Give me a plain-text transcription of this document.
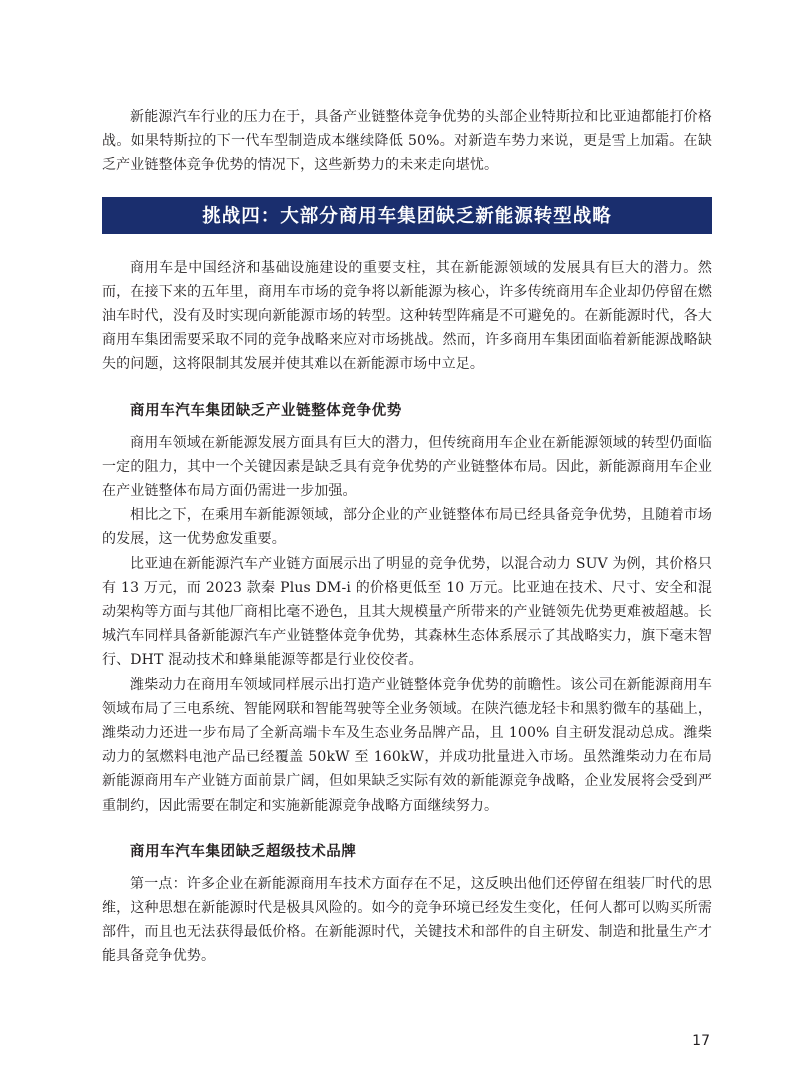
新能源汽车行业的压力在于，具备产业链整体竞争优势的头部企业特斯拉和比亚迪都能打价格战。如果特斯拉的下一代车型制造成本继续降低 50%。对新造车势力来说，更是雪上加霜。在缺乏产业链整体竞争优势的情况下，这些新势力的未来走向堪忧。

挑战四：大部分商用车集团缺乏新能源转型战略

商用车是中国经济和基础设施建设的重要支柱，其在新能源领域的发展具有巨大的潜力。然而，在接下来的五年里，商用车市场的竞争将以新能源为核心，许多传统商用车企业却仍停留在燃油车时代，没有及时实现向新能源市场的转型。这种转型阵痛是不可避免的。在新能源时代，各大商用车集团需要采取不同的竞争战略来应对市场挑战。然而，许多商用车集团面临着新能源战略缺失的问题，这将限制其发展并使其难以在新能源市场中立足。

商用车汽车集团缺乏产业链整体竞争优势

商用车领域在新能源发展方面具有巨大的潜力，但传统商用车企业在新能源领域的转型仍面临一定的阻力，其中一个关键因素是缺乏具有竞争优势的产业链整体布局。因此，新能源商用车企业在产业链整体布局方面仍需进一步加强。

相比之下，在乘用车新能源领域，部分企业的产业链整体布局已经具备竞争优势，且随着市场的发展，这一优势愈发重要。

比亚迪在新能源汽车产业链方面展示出了明显的竞争优势，以混合动力 SUV 为例，其价格只有 13 万元，而 2023 款秦 Plus DM-i 的价格更低至 10 万元。比亚迪在技术、尺寸、安全和混动架构等方面与其他厂商相比毫不逊色，且其大规模量产所带来的产业链领先优势更难被超越。长城汽车同样具备新能源汽车产业链整体竞争优势，其森林生态体系展示了其战略实力，旗下毫末智行、DHT 混动技术和蜂巢能源等都是行业佼佼者。

潍柴动力在商用车领域同样展示出打造产业链整体竞争优势的前瞻性。该公司在新能源商用车领域布局了三电系统、智能网联和智能驾驶等全业务领域。在陕汽德龙轻卡和黑豹微车的基础上，潍柴动力还进一步布局了全新高端卡车及生态业务品牌产品，且 100% 自主研发混动总成。潍柴动力的氢燃料电池产品已经覆盖 50kW 至 160kW，并成功批量进入市场。虽然潍柴动力在布局新能源商用车产业链方面前景广阔，但如果缺乏实际有效的新能源竞争战略，企业发展将会受到严重制约，因此需要在制定和实施新能源竞争战略方面继续努力。

商用车汽车集团缺乏超级技术品牌

第一点：许多企业在新能源商用车技术方面存在不足，这反映出他们还停留在组装厂时代的思维，这种思想在新能源时代是极具风险的。如今的竞争环境已经发生变化，任何人都可以购买所需部件，而且也无法获得最低价格。在新能源时代，关键技术和部件的自主研发、制造和批量生产才能具备竞争优势。

17
